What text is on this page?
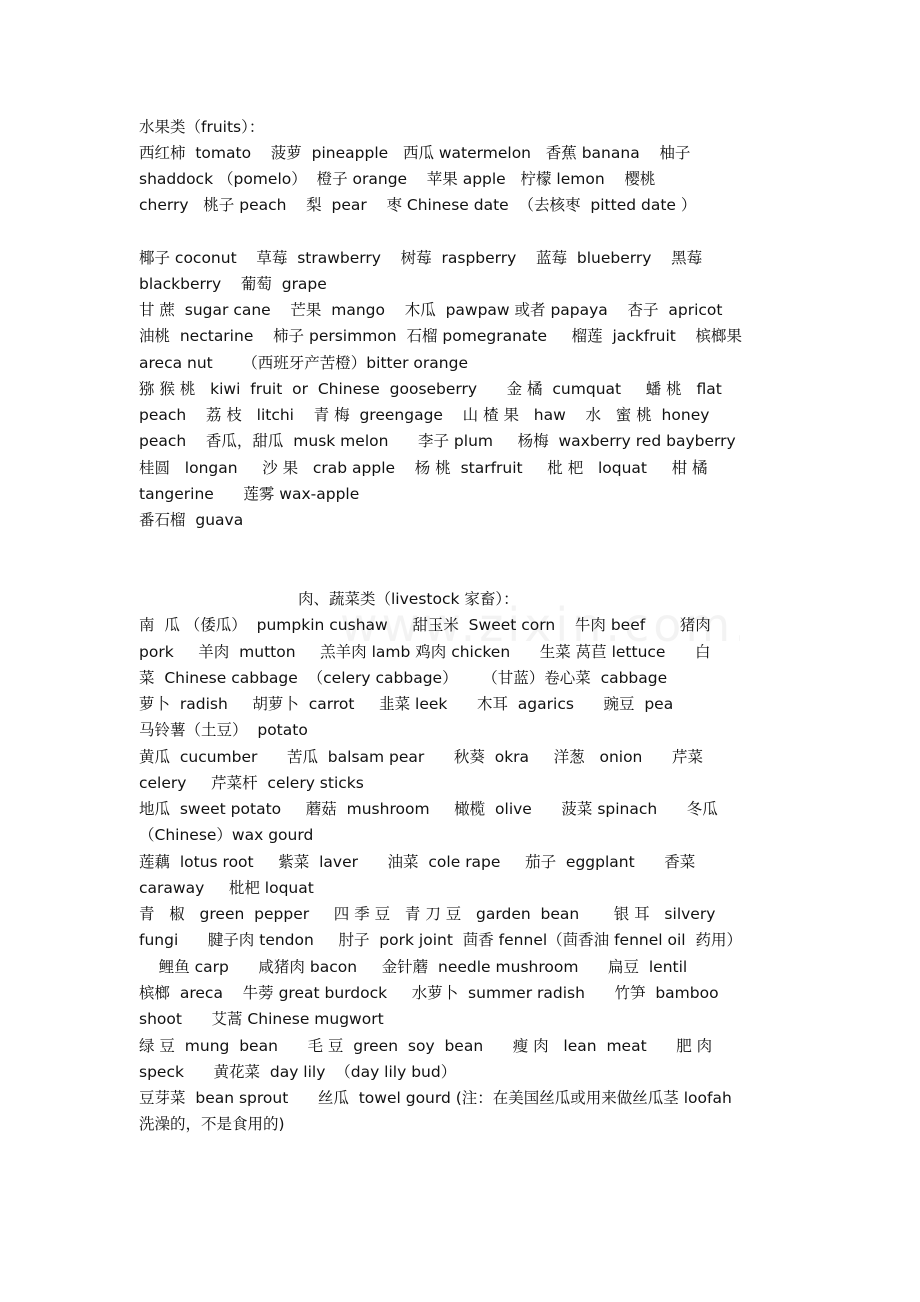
水果类（fruits）：
西红柿  tomato    菠萝  pineapple   西瓜 watermelon   香蕉 banana    柚子
shaddock （pomelo）  橙子 orange    苹果 apple   柠檬 lemon    樱桃
cherry   桃子 peach    梨  pear    枣 Chinese date  （去核枣  pitted date ）
椰子 coconut    草莓  strawberry    树莓  raspberry    蓝莓  blueberry    黑莓
blackberry    葡萄  grape
甘 蔗  sugar cane    芒果  mango    木瓜  pawpaw 或者 papaya    杏子  apricot
油桃  nectarine    柿子 persimmon  石榴 pomegranate     榴莲  jackfruit    槟榔果
areca nut      （西班牙产苦橙）bitter orange
猕 猴 桃   kiwi  fruit  or  Chinese  gooseberry      金 橘  cumquat     蟠 桃   flat
peach    荔 枝   litchi    青 梅  greengage    山 楂 果   haw    水   蜜 桃  honey
peach    香瓜，甜瓜  musk melon      李子 plum     杨梅  waxberry red bayberry
桂圆   longan     沙 果   crab apple    杨 桃  starfruit     枇 杷   loquat     柑 橘
tangerine      莲雾 wax-apple
番石榴  guava
肉、蔬菜类（livestock 家畜）：
南  瓜 （倭瓜）  pumpkin cushaw     甜玉米  Sweet corn    牛肉 beef       猪肉
pork     羊肉  mutton     羔羊肉 lamb 鸡肉 chicken      生菜 莴苣 lettuce      白
菜  Chinese cabbage  （celery cabbage）     （甘蓝）卷心菜  cabbage
萝卜  radish     胡萝卜  carrot     韭菜 leek      木耳  agarics      豌豆  pea
马铃薯（土豆）  potato
黄瓜  cucumber      苦瓜  balsam pear      秋葵  okra     洋葱   onion      芹菜
celery     芹菜杆  celery sticks
地瓜  sweet potato     蘑菇  mushroom     橄榄  olive      菠菜 spinach      冬瓜
（Chinese）wax gourd
莲藕  lotus root     紫菜  laver      油菜  cole rape     茄子  eggplant      香菜
caraway     枇杷 loquat
青   椒   green  pepper     四 季 豆   青 刀 豆   garden  bean       银 耳   silvery
fungi      腱子肉 tendon     肘子  pork joint  茴香 fennel（茴香油 fennel oil  药用）
鲤鱼 carp      咸猪肉 bacon     金针蘑  needle mushroom      扁豆  lentil
槟榔  areca    牛蒡 great burdock     水萝卜  summer radish      竹笋  bamboo
shoot      艾蒿 Chinese mugwort
绿 豆  mung  bean      毛 豆  green  soy  bean      瘦 肉   lean  meat      肥 肉
speck      黄花菜  day lily  （day lily bud）
豆芽菜  bean sprout      丝瓜  towel gourd (注：在美国丝瓜或用来做丝瓜茎 loofah
洗澡的，不是食用的)
